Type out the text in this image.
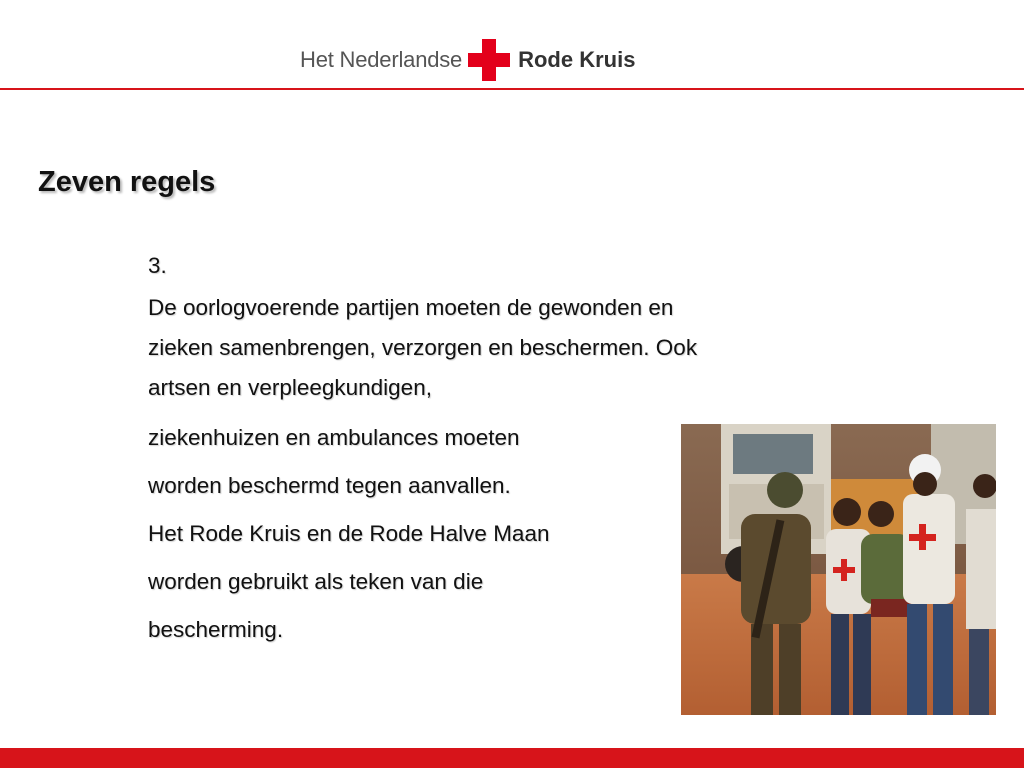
Het Nederlandse	Rode Kruis
Zeven regels
3.
De oorlogvoerende partijen moeten de gewonden en
zieken samenbrengen, verzorgen en beschermen. Ook
artsen en verpleegkundigen,
ziekenhuizen en ambulances moeten
worden beschermd tegen aanvallen.
Het Rode Kruis en de Rode Halve Maan
worden gebruikt als teken van die
bescherming.
